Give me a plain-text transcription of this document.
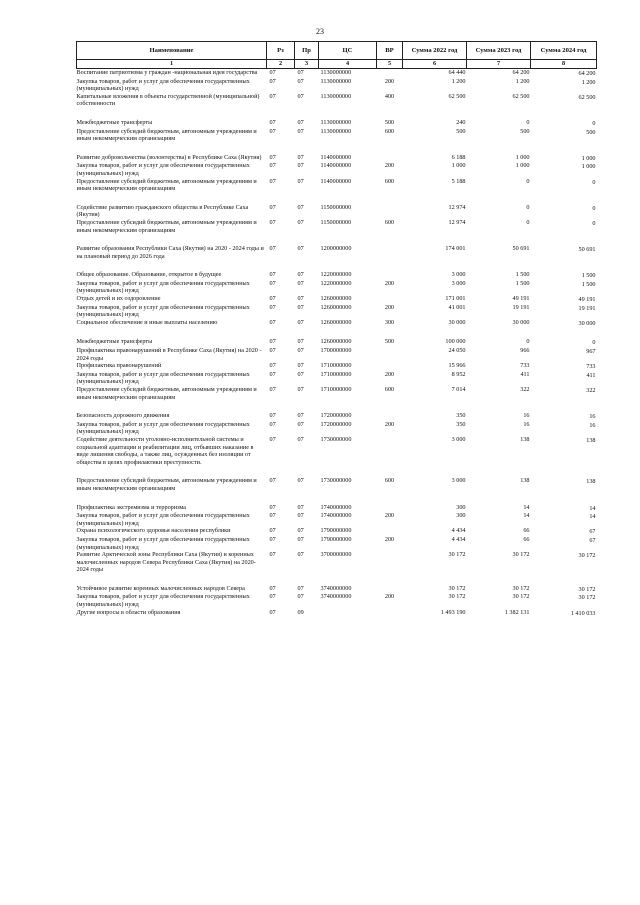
23
Наименование	Рз	Пр	ЦС	ВР	Сумма 2022 год	Сумма 2023 год	Сумма 2024 год
1	2	3	4	5	6	7	8
Воспитание патриотизма у граждан -национальная идея государства	07	07	1130000000		64 440	64 200	64 200
Закупка товаров, работ и услуг для обеспечения государственных (муниципальных) нужд	07	07	1130000000	200	1 200	1 200	1 200
Капитальные вложения в объекты государственной (муниципальной) собственности	07	07	1130000000	400	62 500	62 500	62 500

Межбюджетные трансферты	07	07	1130000000	500	240	0	0
Предоставление субсидий бюджетным, автономным учреждениям и иным некоммерческим организациям	07	07	1130000000	600	500	500	500

Развитие добровольчества (волонтерства) в Республике Саха (Якутия)	07	07	1140000000		6 188	1 000	1 000
Закупка товаров, работ и услуг для обеспечения государственных (муниципальных) нужд	07	07	1140000000	200	1 000	1 000	1 000
Предоставление субсидий бюджетным, автономным учреждениям и иным некоммерческим организациям	07	07	1140000000	600	5 188	0	0

Содействие развитию гражданского общества в Республике Саха (Якутия)	07	07	1150000000		12 974	0	0
Предоставление субсидий бюджетным, автономным учреждениям и иным некоммерческим организациям	07	07	1150000000	600	12 974	0	0

Развитие образования Республики Саха (Якутия) на 2020 - 2024 годы и на плановый период до 2026 года	07	07	1200000000		174 001	50 691	50 691

Общее образование. Образование, открытое в будущее	07	07	1220000000		3 000	1 500	1 500
Закупка товаров, работ и услуг для обеспечения государственных (муниципальных) нужд	07	07	1220000000	200	3 000	1 500	1 500
Отдых детей и их оздоровление	07	07	1260000000		171 001	49 191	49 191
Закупка товаров, работ и услуг для обеспечения государственных (муниципальных) нужд	07	07	1260000000	200	41 001	19 191	19 191
Социальное обеспечение и иные выплаты населению	07	07	1260000000	300	30 000	30 000	30 000

Межбюджетные трансферты	07	07	1260000000	500	100 000	0	0
Профилактика правонарушений в Республике Саха (Якутия) на 2020 - 2024 годы	07	07	1700000000		24 050	966	967
Профилактика правонарушений	07	07	1710000000		15 966	733	733
Закупка товаров, работ и услуг для обеспечения государственных (муниципальных) нужд	07	07	1710000000	200	8 952	411	411
Предоставление субсидий бюджетным, автономным учреждениям и иным некоммерческим организациям	07	07	1710000000	600	7 014	322	322

Безопасность дорожного движения	07	07	1720000000		350	16	16
Закупка товаров, работ и услуг для обеспечения государственных (муниципальных) нужд	07	07	1720000000	200	350	16	16
Содействие деятельности уголовно-исполнительной системы и социальной адаптации и реабилитации лиц, отбывших наказание в виде лишения свободы, а также лиц, осужденных без изоляции от общества в целях профилактики преступности.	07	07	1730000000		3 000	138	138

Предоставление субсидий бюджетным, автономным учреждениям и иным некоммерческим организациям	07	07	1730000000	600	3 000	138	138

Профилактика экстремизма и терроризма	07	07	1740000000		300	14	14
Закупка товаров, работ и услуг для обеспечения государственных (муниципальных) нужд	07	07	1740000000	200	300	14	14
Охрана психологического здоровья населения республики	07	07	1790000000		4 434	66	67
Закупка товаров, работ и услуг для обеспечения государственных (муниципальных) нужд	07	07	1790000000	200	4 434	66	67
Развитие Арктической зоны Республики Саха (Якутия) и коренных малочисленных народов Севера Республики Саха (Якутия) на 2020-2024 годы	07	07	3700000000		30 172	30 172	30 172

Устойчивое развитие коренных малочисленных народов Севера	07	07	3740000000		30 172	30 172	30 172
Закупка товаров, работ и услуг для обеспечения государственных (муниципальных) нужд	07	07	3740000000	200	30 172	30 172	30 172
Другие вопросы в области образования	07	09			1 493 190	1 382 131	1 410 033
